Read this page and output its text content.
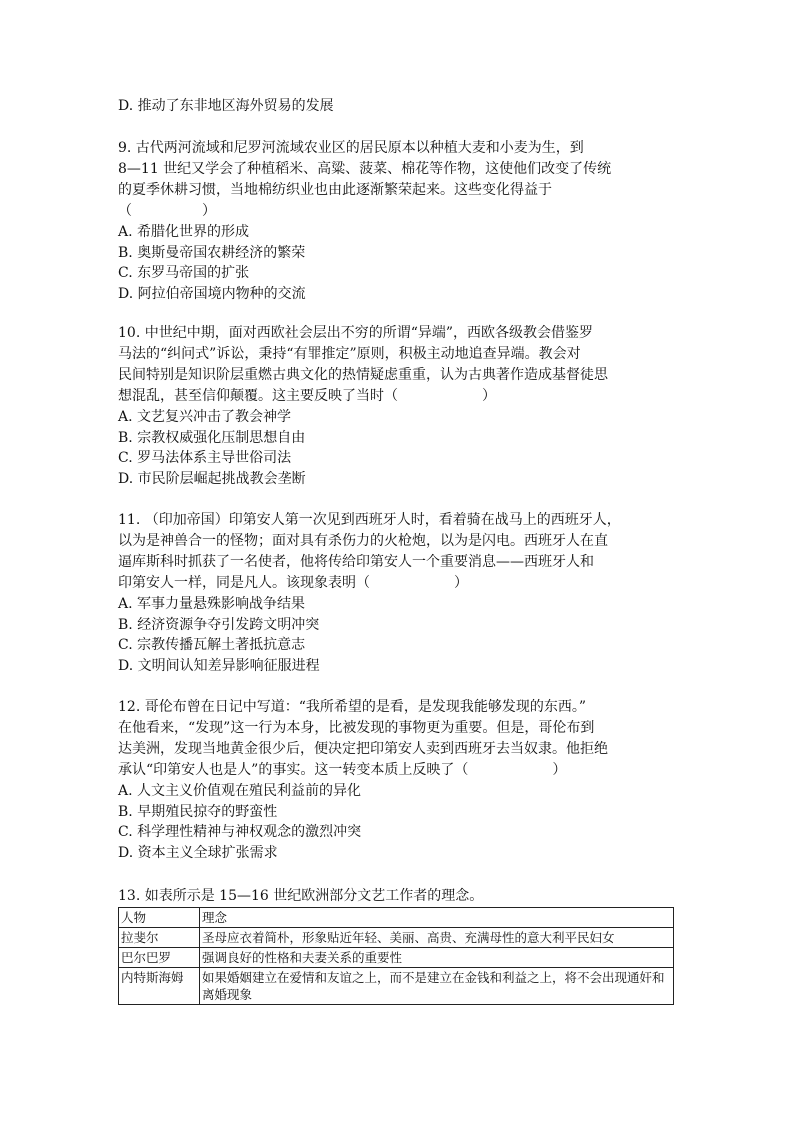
D. 推动了东非地区海外贸易的发展
9. 古代两河流域和尼罗河流域农业区的居民原本以种植大麦和小麦为生，到
8—11 世纪又学会了种植稻米、高粱、菠菜、棉花等作物，这使他们改变了传统
的夏季休耕习惯，当地棉纺织业也由此逐渐繁荣起来。这些变化得益于
（　　　　　）
A. 希腊化世界的形成
B. 奥斯曼帝国农耕经济的繁荣
C. 东罗马帝国的扩张
D. 阿拉伯帝国境内物种的交流
10. 中世纪中期，面对西欧社会层出不穷的所谓“异端”，西欧各级教会借鉴罗
马法的“纠问式”诉讼，秉持“有罪推定”原则，积极主动地追查异端。教会对
民间特别是知识阶层重燃古典文化的热情疑虑重重，认为古典著作造成基督徒思
想混乱，甚至信仰颠覆。这主要反映了当时（　　　　　　）
A. 文艺复兴冲击了教会神学
B. 宗教权威强化压制思想自由
C. 罗马法体系主导世俗司法
D. 市民阶层崛起挑战教会垄断
11. （印加帝国）印第安人第一次见到西班牙人时，看着骑在战马上的西班牙人，
以为是神兽合一的怪物；面对具有杀伤力的火枪炮，以为是闪电。西班牙人在直
逼库斯科时抓获了一名使者，他将传给印第安人一个重要消息——西班牙人和
印第安人一样，同是凡人。该现象表明（　　　　　　）
A. 军事力量悬殊影响战争结果
B. 经济资源争夺引发跨文明冲突
C. 宗教传播瓦解土著抵抗意志
D. 文明间认知差异影响征服进程
12. 哥伦布曾在日记中写道：“我所希望的是看，是发现我能够发现的东西。”
在他看来，“发现”这一行为本身，比被发现的事物更为重要。但是，哥伦布到
达美洲，发现当地黄金很少后，便决定把印第安人卖到西班牙去当奴隶。他拒绝
承认“印第安人也是人”的事实。这一转变本质上反映了（　　　　　　）
A. 人文主义价值观在殖民利益前的异化
B. 早期殖民掠夺的野蛮性
C. 科学理性精神与神权观念的激烈冲突
D. 资本主义全球扩张需求
13. 如表所示是 15—16 世纪欧洲部分文艺工作者的理念。
人物	理念
拉斐尔	圣母应衣着简朴，形象贴近年轻、美丽、高贵、充满母性的意大利平民妇女
巴尔巴罗	强调良好的性格和夫妻关系的重要性
内特斯海姆	如果婚姻建立在爱情和友谊之上，而不是建立在金钱和利益之上，将不会出现通奸和离婚现象
